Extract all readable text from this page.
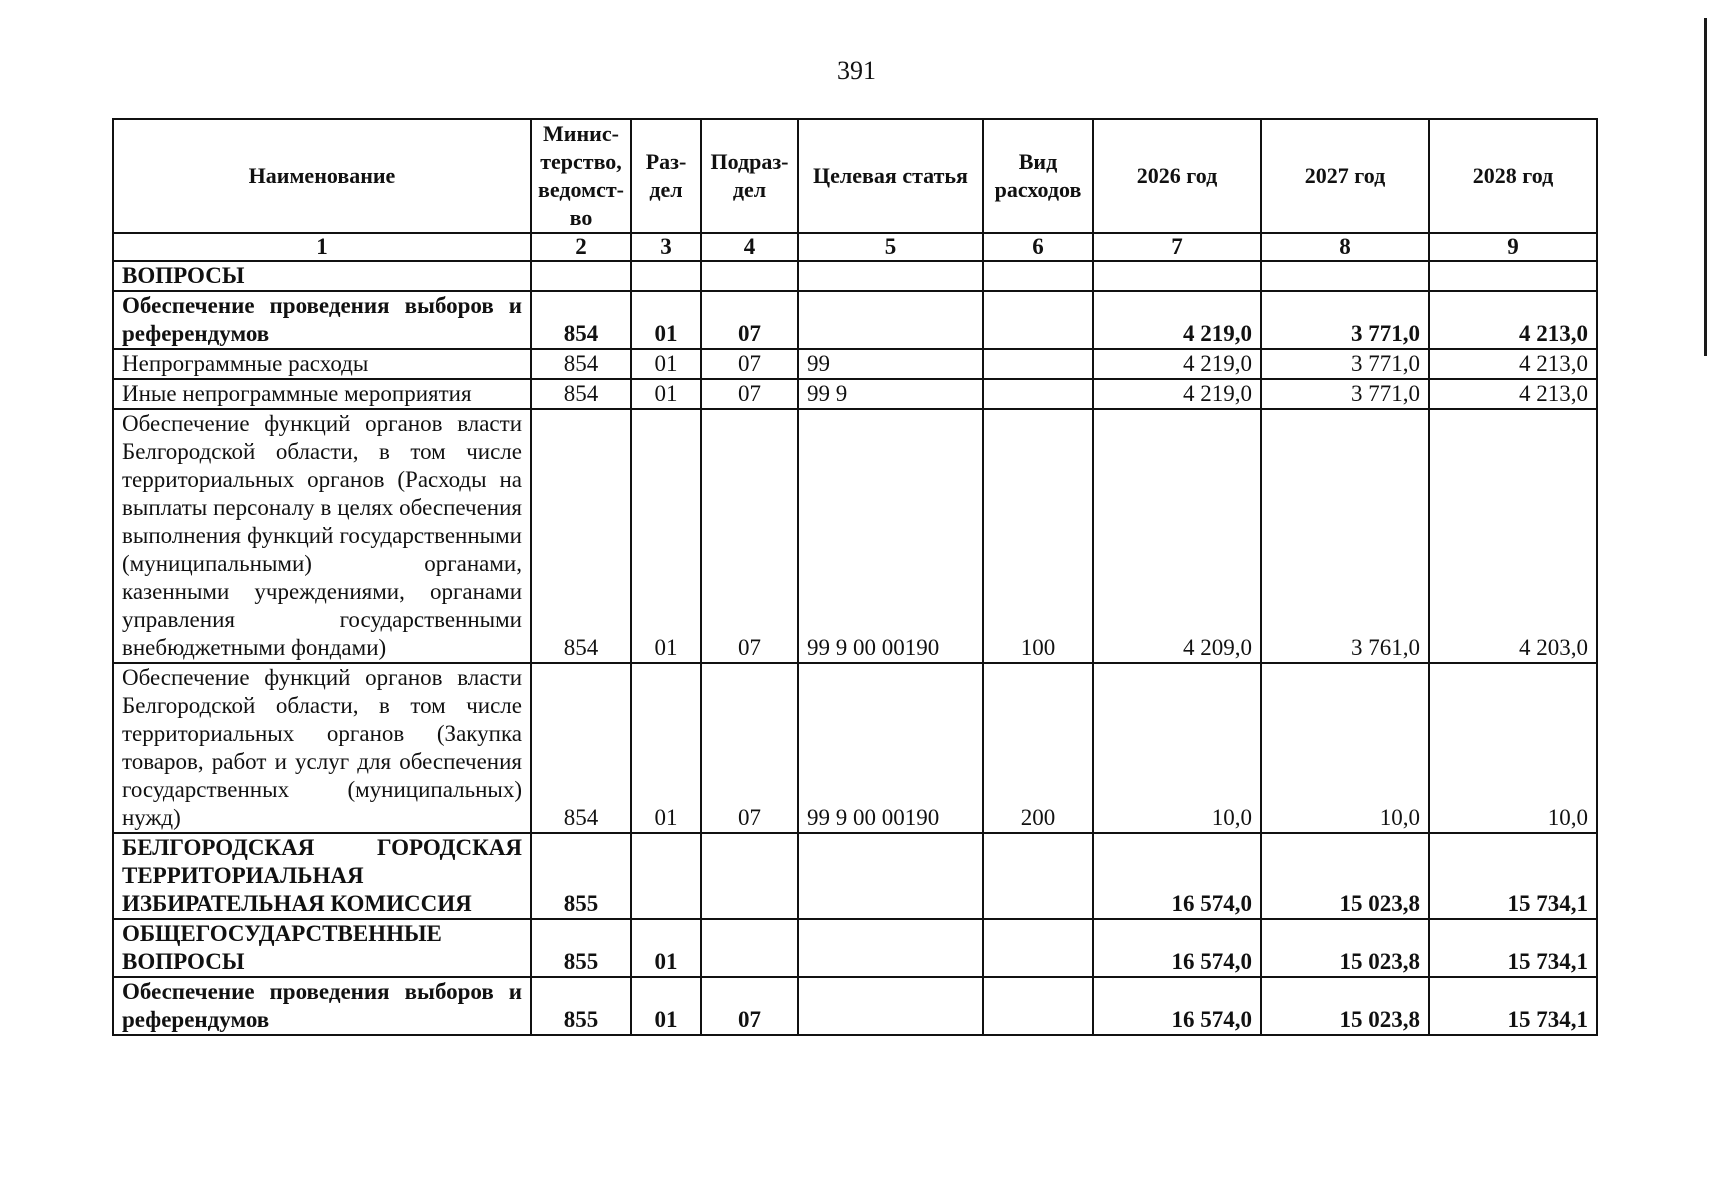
391
Наименование	Минис-терство, ведомст-во	Раз-дел	Подраз-дел	Целевая статья	Вид расходов	2026 год	2027 год	2028 год
1	2	3	4	5	6	7	8	9
ВОПРОСЫ								
Обеспечение проведения выборов и референдумов	854	01	07			4 219,0	3 771,0	4 213,0
Непрограммные расходы	854	01	07	99		4 219,0	3 771,0	4 213,0
Иные непрограммные мероприятия	854	01	07	99 9		4 219,0	3 771,0	4 213,0
Обеспечение функций органов власти Белгородской области, в том числе территориальных органов (Расходы на выплаты персоналу в целях обеспечения выполнения функций государственными (муниципальными) органами, казенными учреждениями, органами управления государственными внебюджетными фондами)	854	01	07	99 9 00 00190	100	4 209,0	3 761,0	4 203,0
Обеспечение функций органов власти Белгородской области, в том числе территориальных органов (Закупка товаров, работ и услуг для обеспечения государственных (муниципальных) нужд)	854	01	07	99 9 00 00190	200	10,0	10,0	10,0
БЕЛГОРОДСКАЯ ГОРОДСКАЯ ТЕРРИТОРИАЛЬНАЯ ИЗБИРАТЕЛЬНАЯ КОМИССИЯ	855					16 574,0	15 023,8	15 734,1
ОБЩЕГОСУДАРСТВЕННЫЕ ВОПРОСЫ	855	01				16 574,0	15 023,8	15 734,1
Обеспечение проведения выборов и референдумов	855	01	07			16 574,0	15 023,8	15 734,1
